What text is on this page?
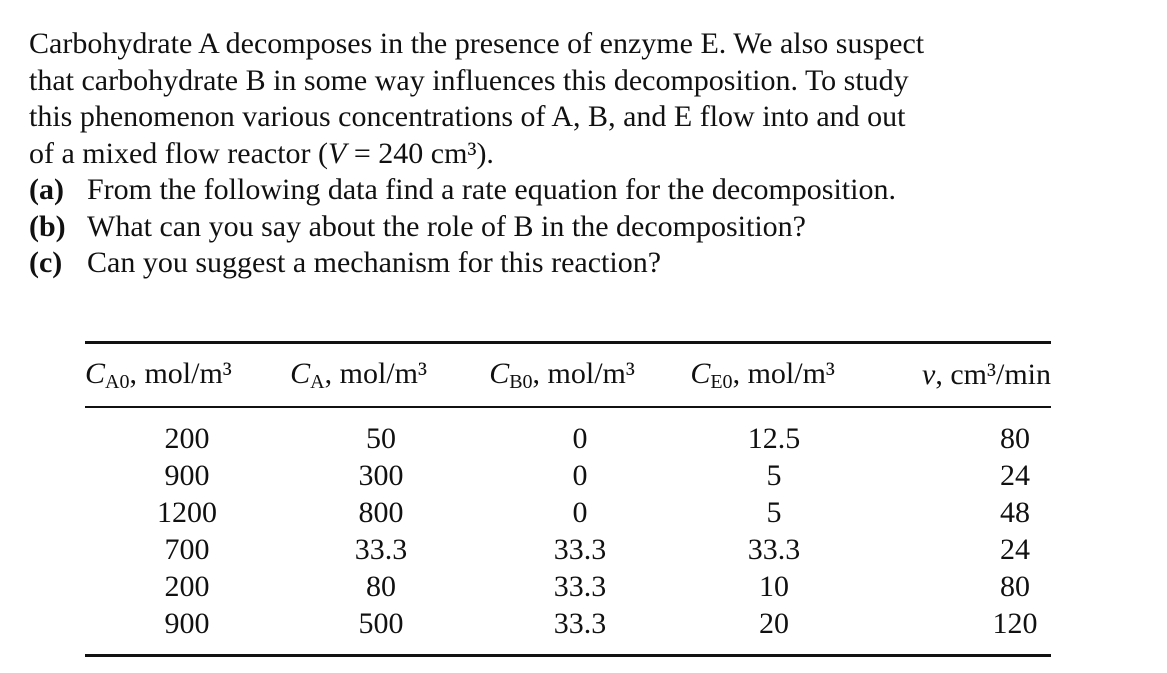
Carbohydrate A decomposes in the presence of enzyme E. We also suspect

that carbohydrate B in some way influences this decomposition. To study

this phenomenon various concentrations of A, B, and E flow into and out

of a mixed flow reactor (V = 240 cm³).

(a) From the following data find a rate equation for the decomposition.
(b) What can you say about the role of B in the decomposition?
(c) Can you suggest a mechanism for this reaction?
$C_{A0}$, mol/m³	$C_A$, mol/m³	$C_{B0}$, mol/m³	$C_{E0}$, mol/m³	v, cm³/min
200	50	0	12.5	80
900	300	0	5	24
1200	800	0	5	48
700	33.3	33.3	33.3	24
200	80	33.3	10	80
900	500	33.3	20	120
